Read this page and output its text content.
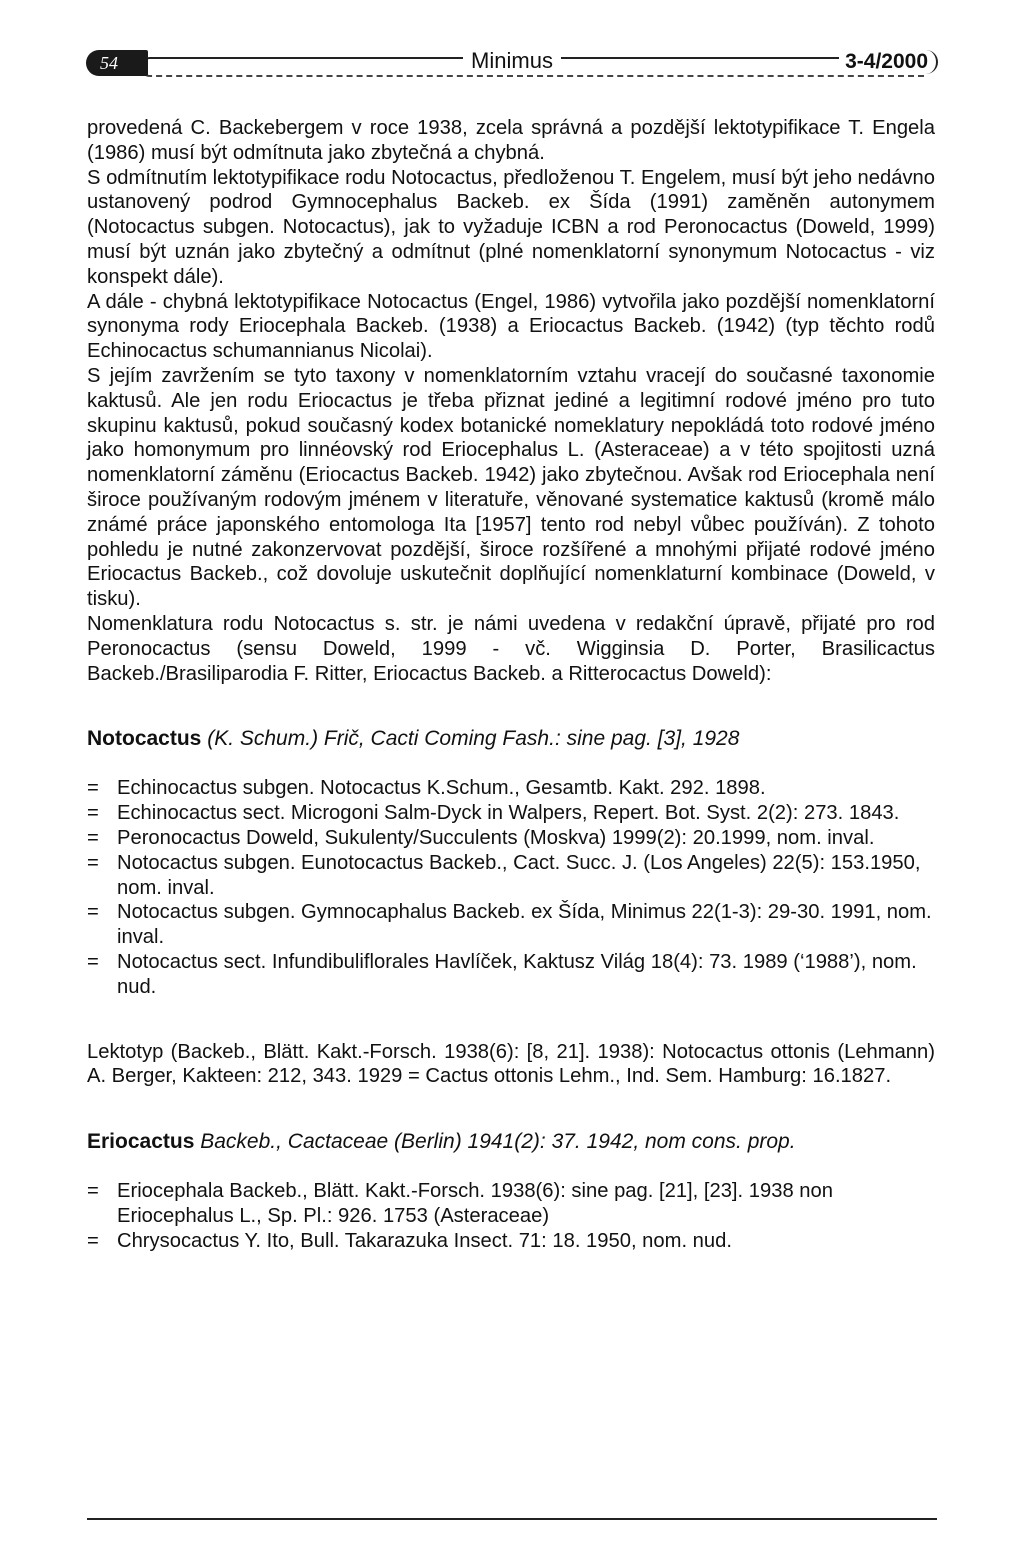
54	Minimus	3-4/2000

provedená C. Backebergem v roce 1938, zcela správná a pozdější lektotypifikace T. Engela (1986) musí být odmítnuta jako zbytečná a chybná.

S odmítnutím lektotypifikace rodu Notocactus, předloženou T. Engelem, musí být jeho nedávno ustanovený podrod Gymnocephalus Backeb. ex Šída (1991) zaměněn autonymem (Notocactus subgen. Notocactus), jak to vyžaduje ICBN a rod Peronocactus (Doweld, 1999) musí být uznán jako zbytečný a odmítnut (plné nomenklatorní synonymum Notocactus - viz konspekt dále).

A dále - chybná lektotypifikace Notocactus (Engel, 1986) vytvořila jako pozdější nomenklatorní synonyma rody Eriocephala Backeb. (1938) a Eriocactus Backeb. (1942) (typ těchto rodů Echinocactus schumannianus Nicolai).

S jejím zavržením se tyto taxony v nomenklatorním vztahu vracejí do současné taxonomie kaktusů. Ale jen rodu Eriocactus je třeba přiznat jediné a legitimní rodové jméno pro tuto skupinu kaktusů, pokud současný kodex botanické nomeklatury nepokládá toto rodové jméno jako homonymum pro linnéovský rod Eriocephalus L. (Asteraceae) a v této spojitosti uzná nomenklatorní záměnu (Eriocactus Backeb. 1942) jako zbytečnou. Avšak rod Eriocephala není široce používaným rodovým jménem v literatuře, věnované systematice kaktusů (kromě málo známé práce japonského entomologa Ita [1957] tento rod nebyl vůbec používán). Z tohoto pohledu je nutné zakonzervovat pozdější, široce rozšířené a mnohými přijaté rodové jméno Eriocactus Backeb., což dovoluje uskutečnit doplňující nomenklaturní kombinace (Doweld, v tisku).

Nomenklatura rodu Notocactus s. str. je námi uvedena v redakční úpravě, přijaté pro rod Peronocactus (sensu Doweld, 1999 - vč. Wigginsia D. Porter, Brasilicactus Backeb./Brasiliparodia F. Ritter, Eriocactus Backeb. a Ritterocactus Doweld):

Notocactus (K. Schum.) Frič, Cacti Coming Fash.: sine pag. [3], 1928

= Echinocactus subgen. Notocactus K.Schum., Gesamtb. Kakt. 292. 1898.
= Echinocactus sect. Microgoni Salm-Dyck in Walpers, Repert. Bot. Syst. 2(2): 273. 1843.
= Peronocactus Doweld, Sukulenty/Succulents (Moskva) 1999(2): 20.1999, nom. inval.
= Notocactus subgen. Eunotocactus Backeb., Cact. Succ. J. (Los Angeles) 22(5): 153.1950, nom. inval.
= Notocactus subgen. Gymnocaphalus Backeb. ex Šída, Minimus 22(1-3): 29-30. 1991, nom. inval.
= Notocactus sect. Infundibuliflorales Havlíček, Kaktusz Világ 18(4): 73. 1989 (‘1988’), nom. nud.

Lektotyp (Backeb., Blätt. Kakt.-Forsch. 1938(6): [8, 21]. 1938): Notocactus ottonis (Lehmann) A. Berger, Kakteen: 212, 343. 1929 = Cactus ottonis Lehm., Ind. Sem. Hamburg: 16.1827.

Eriocactus Backeb., Cactaceae (Berlin) 1941(2): 37. 1942, nom cons. prop.

= Eriocephala Backeb., Blätt. Kakt.-Forsch. 1938(6): sine pag. [21], [23]. 1938 non Eriocephalus L., Sp. Pl.: 926. 1753 (Asteraceae)
= Chrysocactus Y. Ito, Bull. Takarazuka Insect. 71: 18. 1950, nom. nud.
